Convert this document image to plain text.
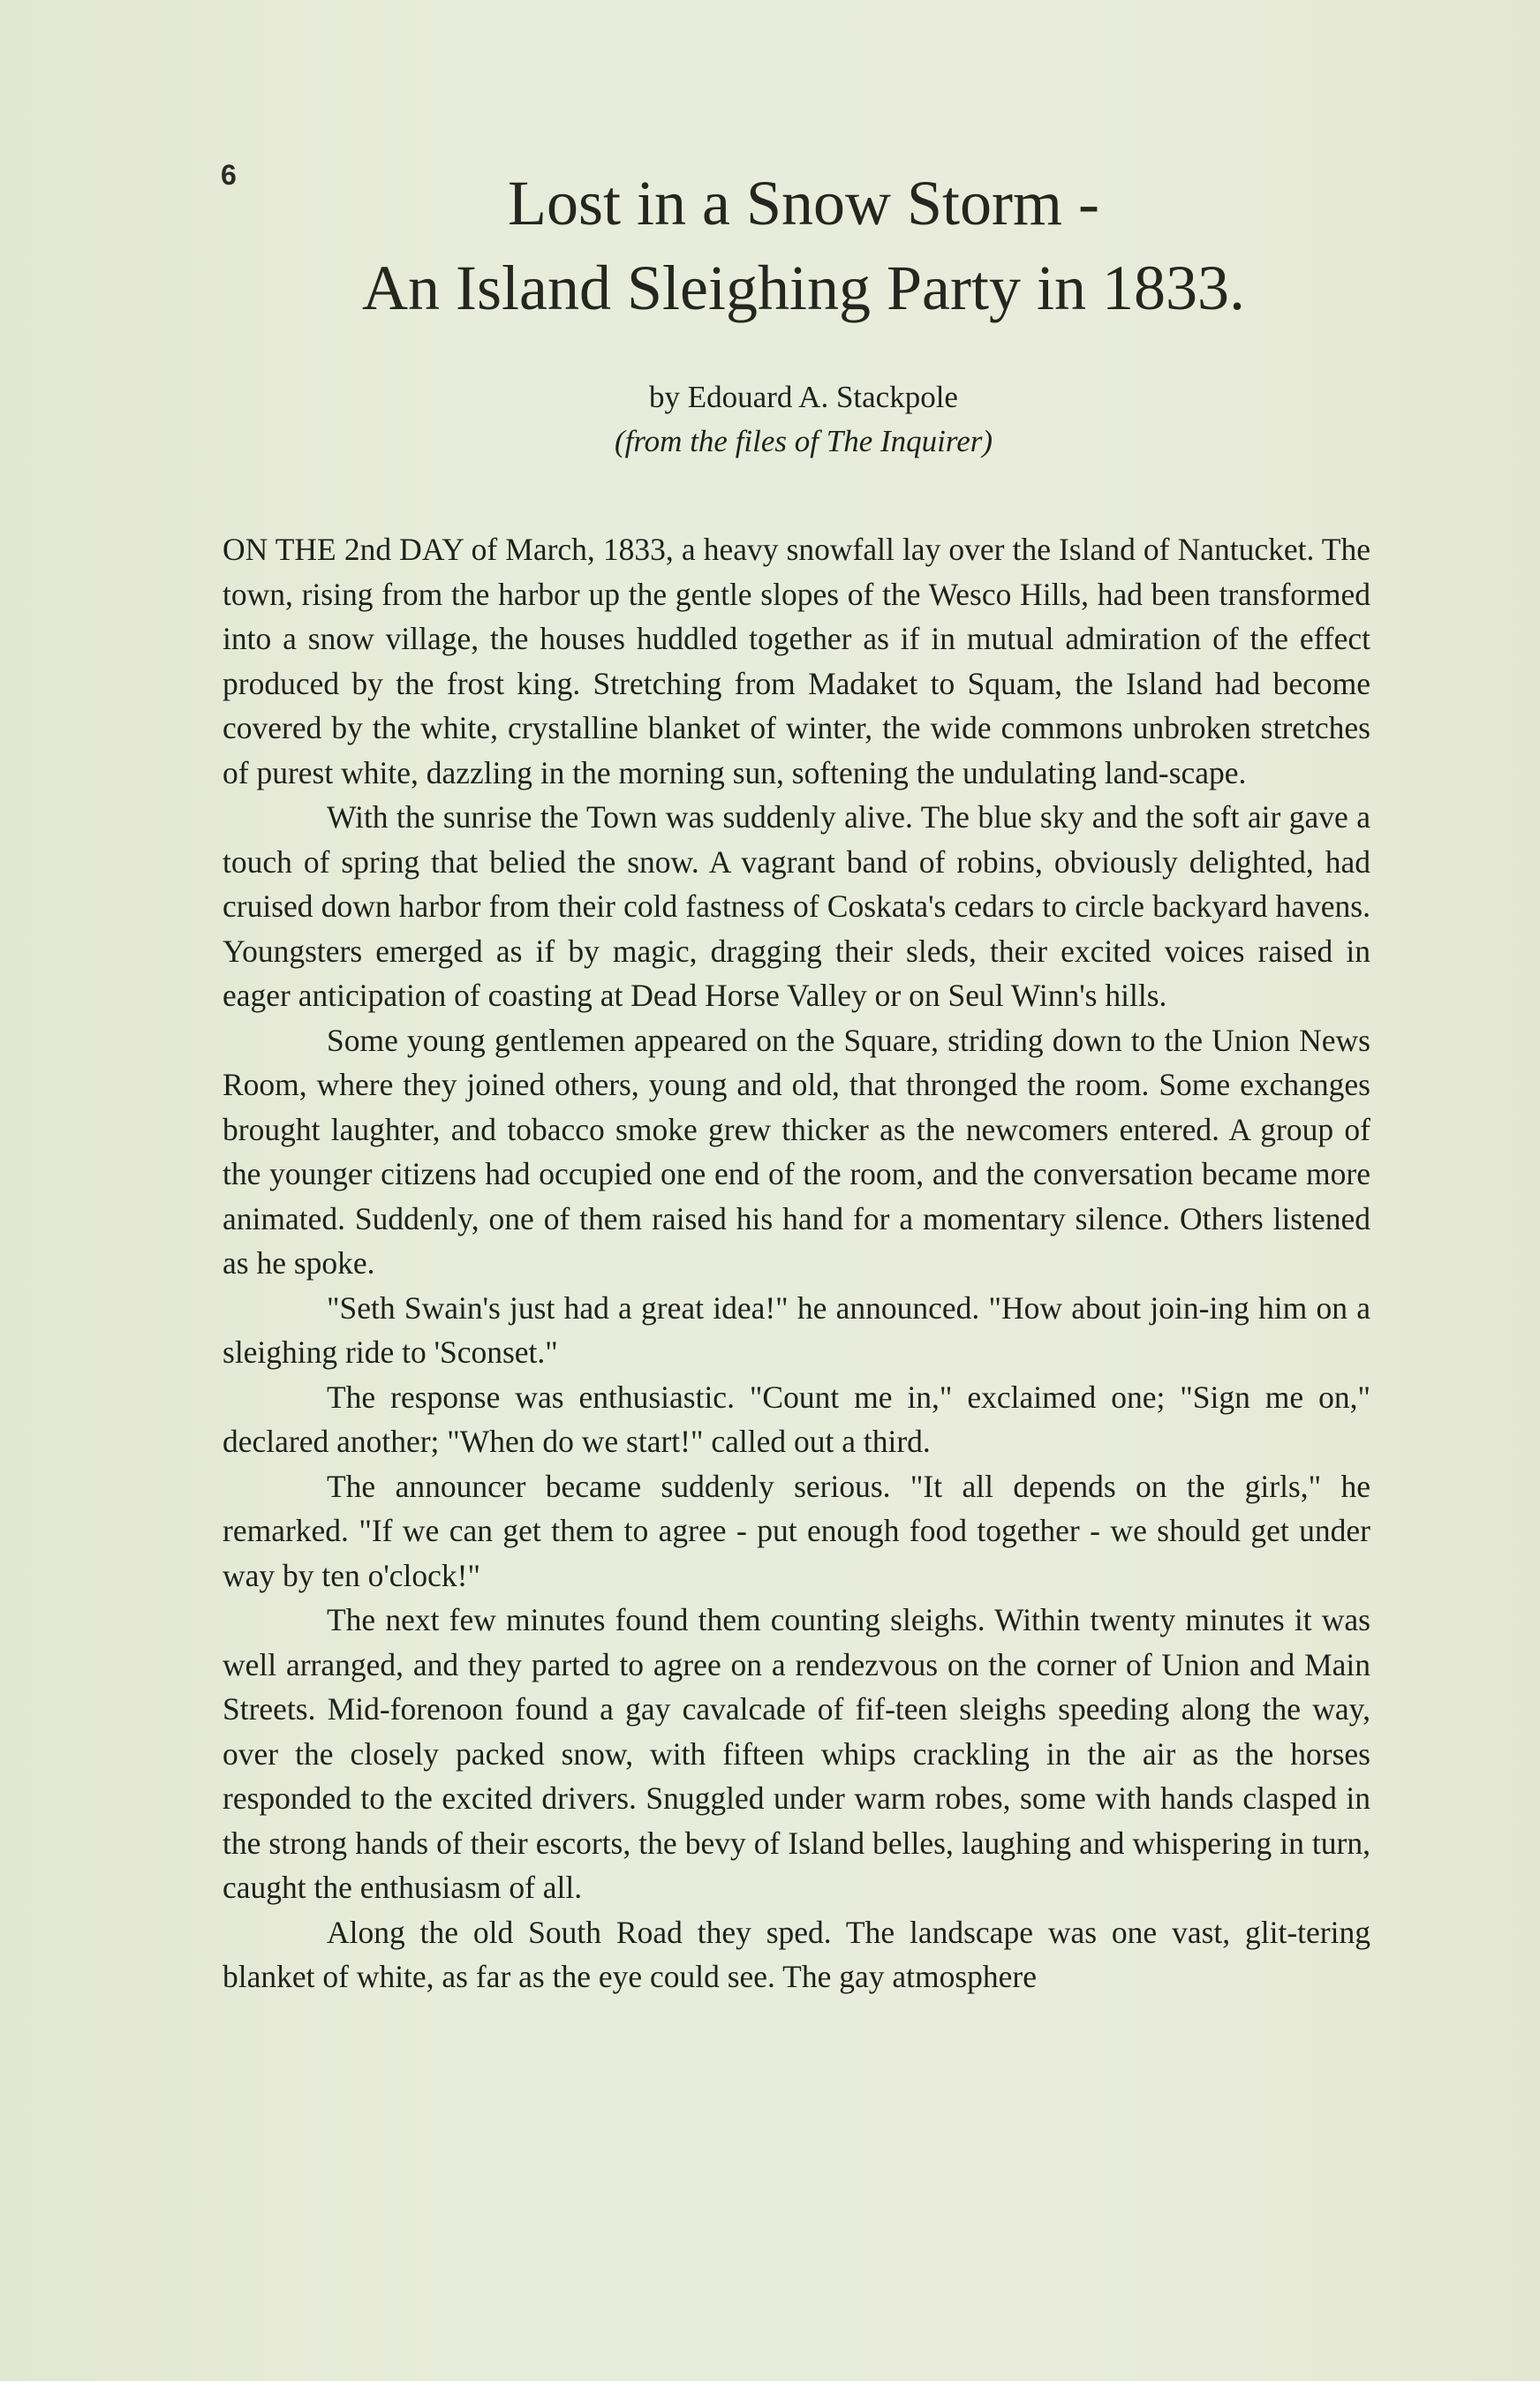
6	Lost in a Snow Storm -
An Island Sleighing Party in 1833.
by Edouard A. Stackpole
(from the files of The Inquirer)

ON THE 2nd DAY of March, 1833, a heavy snowfall lay over the Island of Nantucket. The town, rising from the harbor up the gentle slopes of the Wesco Hills, had been transformed into a snow village, the houses huddled together as if in mutual admiration of the effect produced by the frost king. Stretching from Madaket to Squam, the Island had become covered by the white, crystalline blanket of winter, the wide commons unbroken stretches of purest white, dazzling in the morning sun, softening the undulating land-scape.

With the sunrise the Town was suddenly alive. The blue sky and the soft air gave a touch of spring that belied the snow. A vagrant band of robins, obviously delighted, had cruised down harbor from their cold fastness of Coskata's cedars to circle backyard havens. Youngsters emerged as if by magic, dragging their sleds, their excited voices raised in eager anticipation of coasting at Dead Horse Valley or on Seul Winn's hills.

Some young gentlemen appeared on the Square, striding down to the Union News Room, where they joined others, young and old, that thronged the room. Some exchanges brought laughter, and tobacco smoke grew thicker as the newcomers entered. A group of the younger citizens had occupied one end of the room, and the conversation became more animated. Suddenly, one of them raised his hand for a momentary silence. Others listened as he spoke.

"Seth Swain's just had a great idea!" he announced. "How about join-ing him on a sleighing ride to 'Sconset."

The response was enthusiastic. "Count me in," exclaimed one; "Sign me on," declared another; "When do we start!" called out a third.

The announcer became suddenly serious. "It all depends on the girls," he remarked. "If we can get them to agree - put enough food together - we should get under way by ten o'clock!"

The next few minutes found them counting sleighs. Within twenty minutes it was well arranged, and they parted to agree on a rendezvous on the corner of Union and Main Streets. Mid-forenoon found a gay cavalcade of fif-teen sleighs speeding along the way, over the closely packed snow, with fifteen whips crackling in the air as the horses responded to the excited drivers. Snuggled under warm robes, some with hands clasped in the strong hands of their escorts, the bevy of Island belles, laughing and whispering in turn, caught the enthusiasm of all.

Along the old South Road they sped. The landscape was one vast, glit-tering blanket of white, as far as the eye could see. The gay atmosphere
